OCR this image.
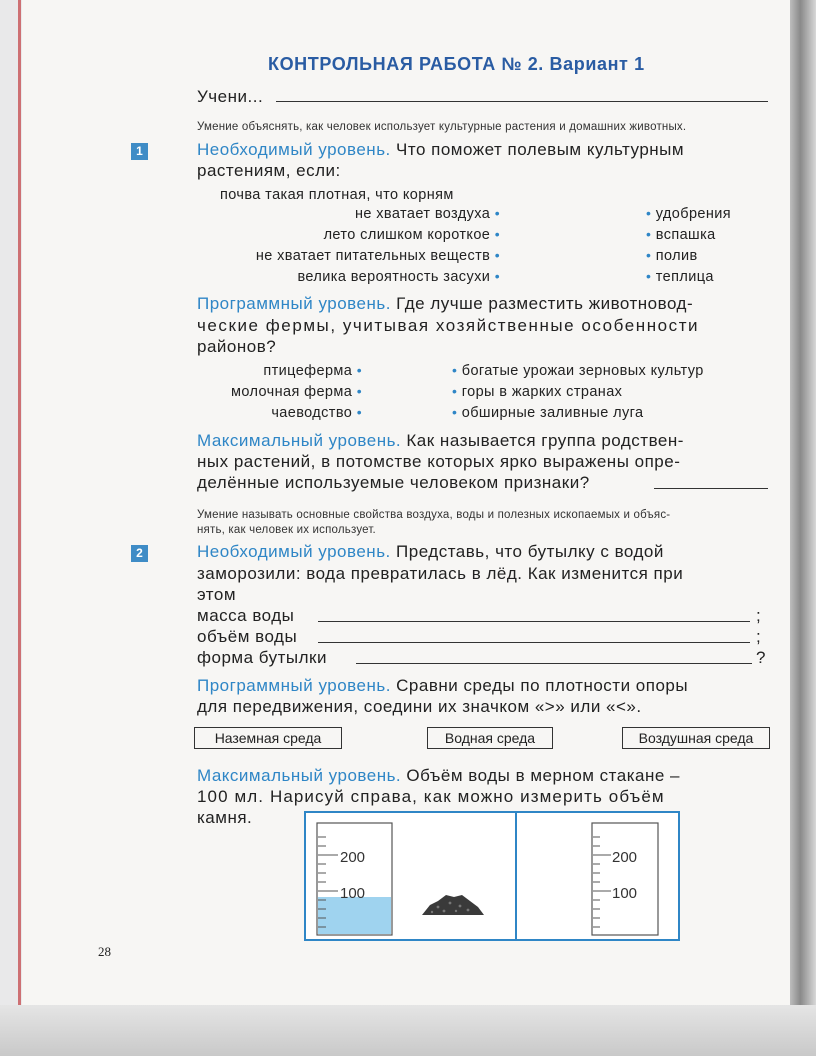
КОНТРОЛЬНАЯ РАБОТА № 2. Вариант 1
Учени...
Умение объяснять, как человек использует культурные растения и домашних животных.
1	Необходимый уровень. Что поможет полевым культурным
растениям, если:
почва такая плотная, что корням
не хватает воздуха •
лето слишком короткое •
не хватает питательных веществ •
велика вероятность засухи •
• удобрения
• вспашка
• полив
• теплица
Программный уровень. Где лучше разместить животновод-
ческие фермы, учитывая хозяйственные особенности
районов?
птицеферма •
молочная ферма •
чаеводство •
• богатые урожаи зерновых культур
• горы в жарких странах
• обширные заливные луга
Максимальный уровень. Как называется группа родствен-
ных растений, в потомстве которых ярко выражены опре-
делённые используемые человеком признаки?
Умение называть основные свойства воздуха, воды и полезных ископаемых и объяс-
нять, как человек их использует.
2	Необходимый уровень. Представь, что бутылку с водой
заморозили: вода превратилась в лёд. Как изменится при
этом
масса воды	;
объём воды	;
форма бутылки	?
Программный уровень. Сравни среды по плотности опоры
для передвижения, соедини их значком «>» или «<».
Наземная среда	Водная среда	Воздушная среда
Максимальный уровень. Объём воды в мерном стакане –
100 мл. Нарисуй справа, как можно измерить объём
камня.
200
100
200
100
28
